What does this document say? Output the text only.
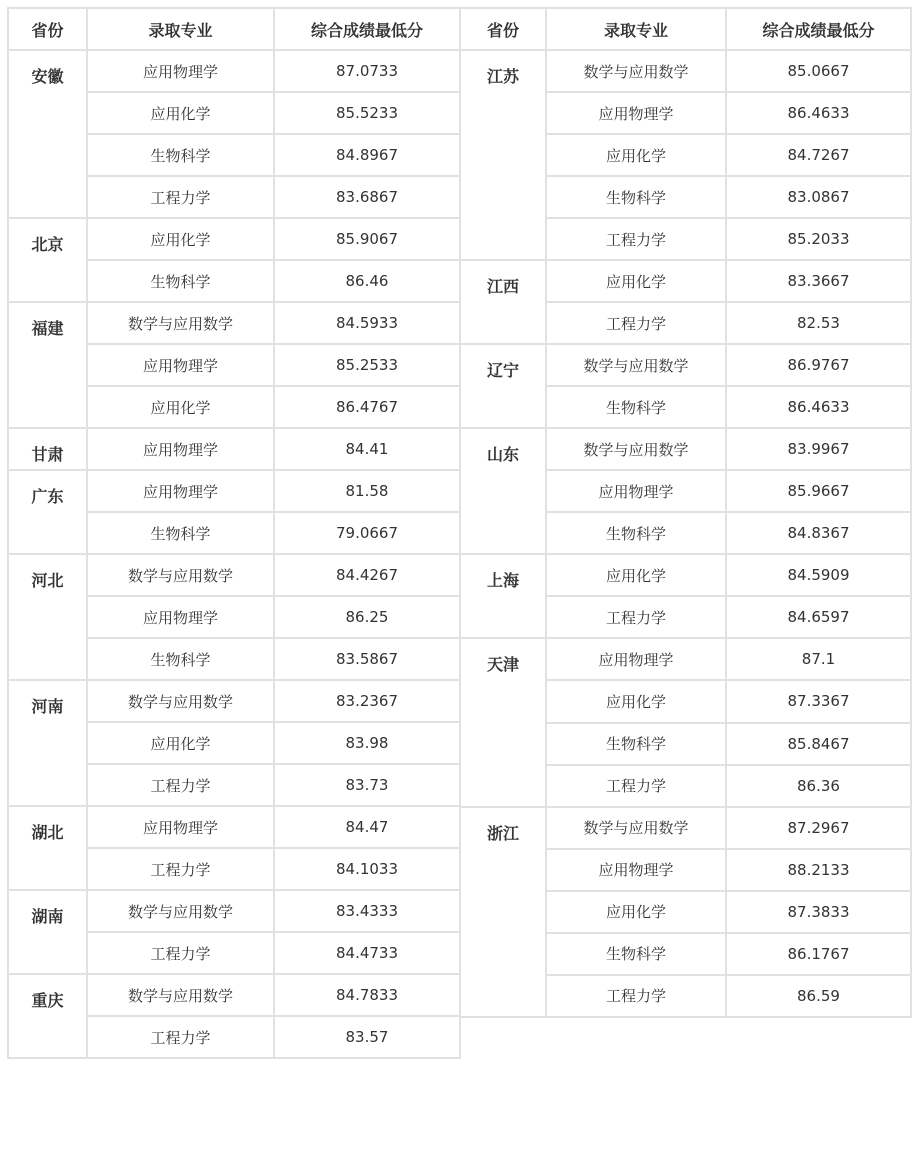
省份	录取专业	综合成绩最低分
安徽	应用物理学	87.0733
	应用化学	85.5233
	生物科学	84.8967
	工程力学	83.6867
北京	应用化学	85.9067
	生物科学	86.46
福建	数学与应用数学	84.5933
	应用物理学	85.2533
	应用化学	86.4767
甘肃	应用物理学	84.41
广东	应用物理学	81.58
	生物科学	79.0667
河北	数学与应用数学	84.4267
	应用物理学	86.25
	生物科学	83.5867
河南	数学与应用数学	83.2367
	应用化学	83.98
	工程力学	83.73
湖北	应用物理学	84.47
	工程力学	84.1033
湖南	数学与应用数学	83.4333
	工程力学	84.4733
重庆	数学与应用数学	84.7833
	工程力学	83.57
省份	录取专业	综合成绩最低分
江苏	数学与应用数学	85.0667
	应用物理学	86.4633
	应用化学	84.7267
	生物科学	83.0867
	工程力学	85.2033
江西	应用化学	83.3667
	工程力学	82.53
辽宁	数学与应用数学	86.9767
	生物科学	86.4633
山东	数学与应用数学	83.9967
	应用物理学	85.9667
	生物科学	84.8367
上海	应用化学	84.5909
	工程力学	84.6597
天津	应用物理学	87.1
	应用化学	87.3367
	生物科学	85.8467
	工程力学	86.36
浙江	数学与应用数学	87.2967
	应用物理学	88.2133
	应用化学	87.3833
	生物科学	86.1767
	工程力学	86.59
